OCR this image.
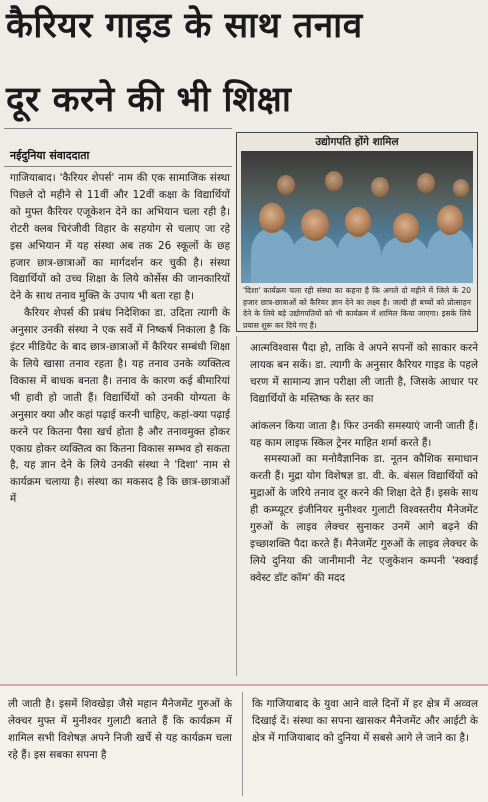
कैरियर गाइड के साथ तनाव
दूर करने की भी शिक्षा
नईदुनिया संवाददाता

गाजियाबाद। 'कैरियर शेपर्स' नाम की एक सामाजिक संस्था पिछले दो महीने से 11वीं और 12वीं कक्षा के विद्यार्थियों को मुफ्त कैरियर एजूकेशन देने का अभियान चला रही है। रोटरी क्लब चिरंजीवी विहार के सहयोग से चलाए जा रहे इस अभियान में यह संस्था अब तक 26 स्कूलों के छह हजार छात्र-छात्राओं का मार्गदर्शन कर चुकी है। संस्था विद्यार्थियों को उच्च शिक्षा के लिये कोर्सेस की जानकारियों देने के साथ तनाव मुक्ति के उपाय भी बता रहा है।

कैरियर शेपर्स की प्रबंध निदेशिका डा. उदिता त्यागी के अनुसार उनकी संस्था ने एक सर्वे में निष्कर्ष निकाला है कि इंटर मीडियेट के बाद छात्र-छात्राओं में कैरियर सम्बंधी शिक्षा के लिये खासा तनाव रहता है। यह तनाव उनके व्यक्तित्व विकास में बाधक बनता है। तनाव के कारण कई बीमारियां भी हावी हो जाती हैं। विद्यार्थियों को उनकी योग्यता के अनुसार क्या और कहां पढ़ाई करनी चाहिए, कहां-क्या पढ़ाई करने पर कितना पैसा खर्च होता है और तनावमुक्त होकर एकाग्र होकर व्यक्तित्व का कितना विकास सम्भव हो सकता है, यह ज्ञान देने के लिये उनकी संस्था ने 'दिशा' नाम से कार्यक्रम चलाया है। संस्था का मकसद है कि छात्र-छात्राओं में

उद्योगपति होंगे शामिल
'दिशा' कार्यक्रम चला रही संस्था का कहना है कि अगले दो महीने में जिले के 20 हजार छात्र-छात्राओं को कैरियर ज्ञान देने का लक्ष्य है। जल्दी ही बच्चों को प्रोत्साहन देने के लिये बड़े उद्योगपतियों को भी कार्यक्रम में शामिल किया जाएगा। इसके लिये प्रयास शुरू कर दिये गए हैं।

आत्मविश्वास पैदा हो, ताकि वे अपने सपनों को साकार करने लायक बन सकें। डा. त्यागी के अनुसार कैरियर गाइड के पहले चरण में सामान्य ज्ञान परीक्षा ली जाती है, जिसके आधार पर विद्यार्थियों के मस्तिष्क के स्तर का

आंकलन किया जाता है। फिर उनकी समस्याएं जानी जाती हैं। यह काम लाइफ स्किल ट्रेनर माहित शर्मा करते हैं।

समस्याओं का मनोवैज्ञानिक डा. नूतन कौशिक समाधान करती हैं। मुद्रा योग विशेषज्ञ डा. वी. के. बंसल विद्यार्थियों को मुद्राओं के जरिये तनाव दूर करने की शिक्षा देते हैं। इसके साथ ही कम्प्यूटर इंजीनियर मुनीश्वर गुलाटी विश्वस्तरीय मैनेजमेंट गुरुओं के लाइव लेक्चर सुनाकर उनमें आगे बढ़ने की इच्छाशक्ति पैदा करते हैं। मैनेजमेंट गुरुओं के लाइव लेक्चर के लिये दुनिया की जानीमानी नेट एजुकेशन कम्पनी 'स्क्वाई क्वेस्ट डॉट कॉम' की मदद

ली जाती है। इसमें शिवखेड़ा जैसे महान मैनेजमेंट गुरुओं के लेक्चर मुफ्त में मुनीश्वर गुलाटी बताते हैं कि कार्यक्रम में शामिल सभी विशेषज्ञ अपने निजी खर्चे से यह कार्यक्रम चला रहे हैं। इस सबका सपना है
कि गाजियाबाद के युवा आने वाले दिनों में हर क्षेत्र में अव्वल दिखाई दें। संस्था का सपना खासकर मैनेजमेंट और आईटी के क्षेत्र में गाजियाबाद को दुनिया में सबसे आगे ले जाने का है।
